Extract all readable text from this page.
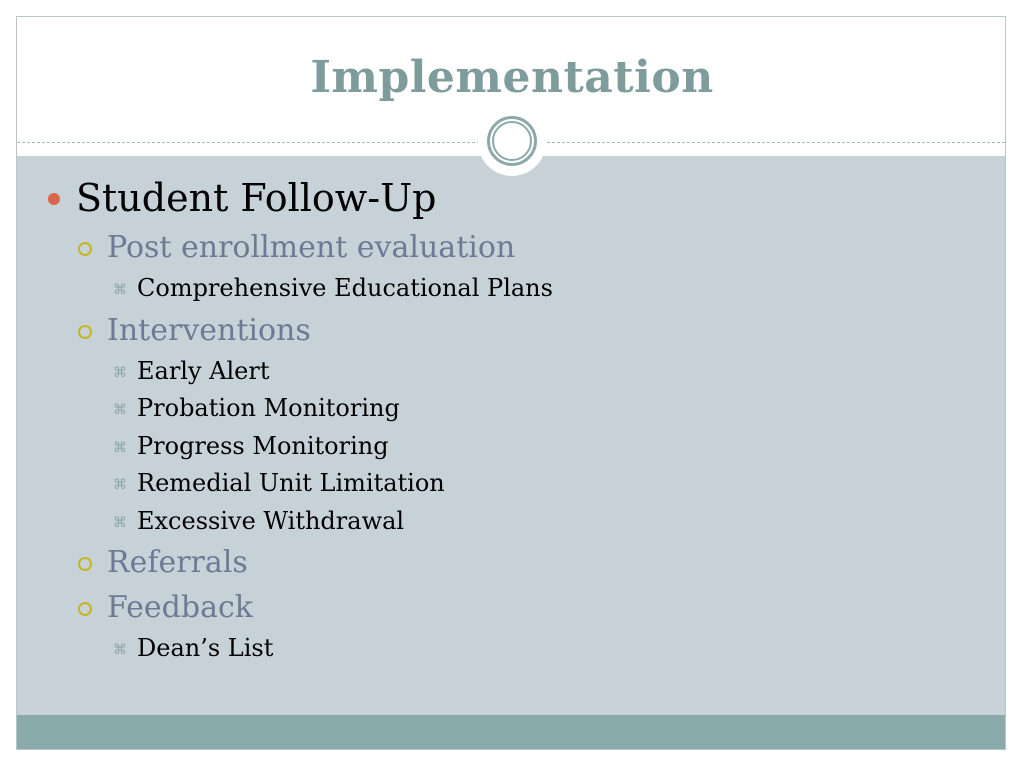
Implementation
Student Follow-Up
Post enrollment evaluation
⌘ Comprehensive Educational Plans
Interventions
⌘ Early Alert
⌘ Probation Monitoring
⌘ Progress Monitoring
⌘ Remedial Unit Limitation
⌘ Excessive Withdrawal
Referrals
Feedback
⌘ Dean’s List
